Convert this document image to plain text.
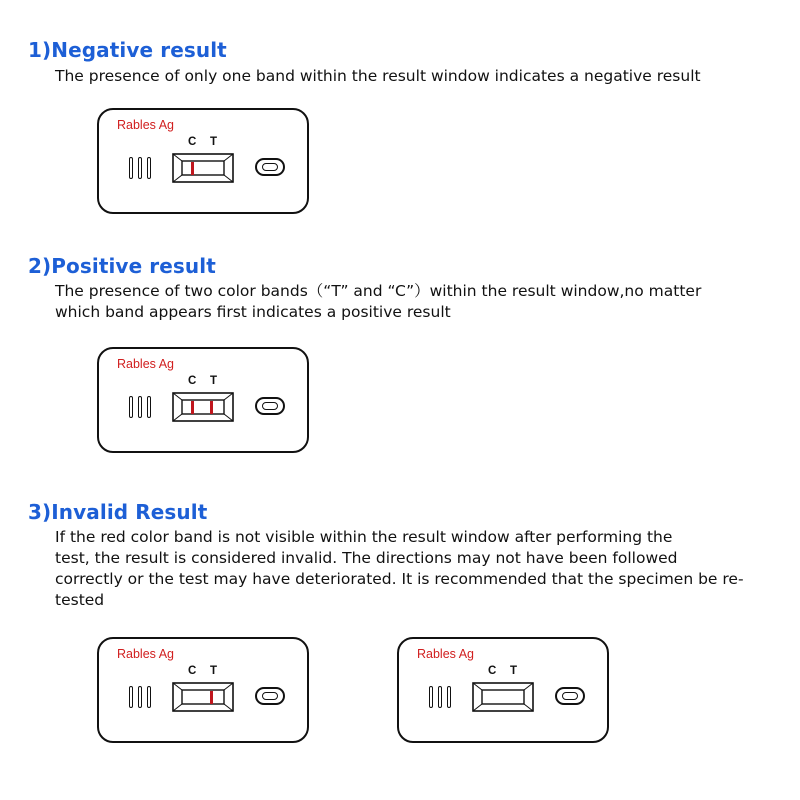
1)Negative result

The presence of only one band within the result window indicates a negative result

Rables Ag
C T
2)Positive result

The presence of two color bands（“T” and “C”）within the result window,no matter
which band appears first indicates a positive result

Rables Ag
C T
3)Invalid Result

If the red color band is not visible within the result window after performing the
test, the result is considered invalid. The directions may not have been followed
correctly or the test may have deteriorated. It is recommended that the specimen be re-
tested

Rables Ag
C T
Rables Ag
C T
